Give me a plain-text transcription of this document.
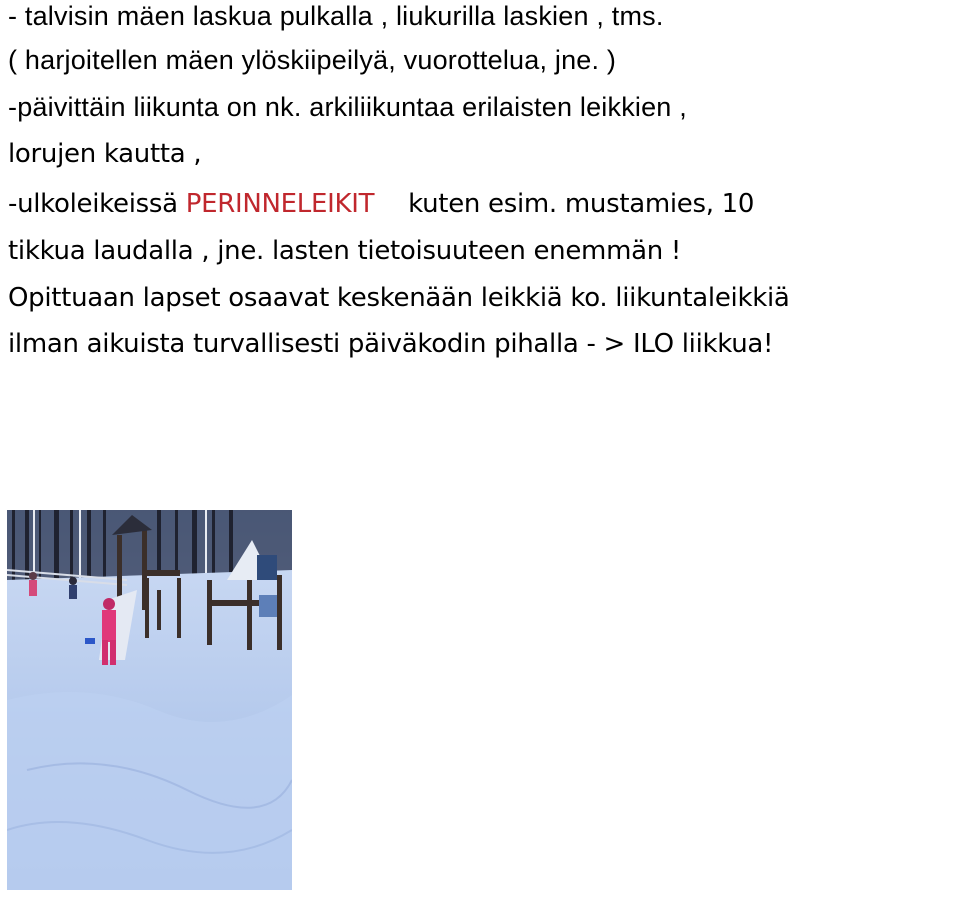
- talvisin mäen laskua pulkalla , liukurilla laskien , tms.
( harjoitellen mäen ylöskiipeilyä, vuorottelua, jne. )
-päivittäin liikunta on nk. arkiliikuntaa erilaisten leikkien ,
lorujen kautta ,
-ulkoleikeissä PERINNELEIKIT kuten esim. mustamies, 10
tikkua laudalla , jne. lasten tietoisuuteen enemmän !
Opittuaan lapset osaavat keskenään leikkiä ko. liikuntaleikkiä
ilman aikuista turvallisesti päiväkodin pihalla - > ILO liikkua!
